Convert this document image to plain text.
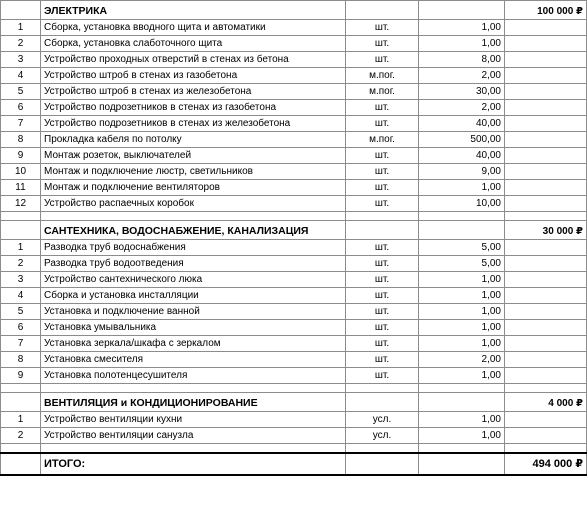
	ЭЛЕКТРИКА			100 000 ₽
1	Сборка, установка вводного щита и автоматики	шт.	1,00	
2	Сборка, установка слаботочного щита	шт.	1,00	
3	Устройство проходных отверстий в стенах из бетона	шт.	8,00	
4	Устройство штроб в стенах из газобетона	м.пог.	2,00	
5	Устройство штроб в стенах из железобетона	м.пог.	30,00	
6	Устройство подрозетников в стенах из газобетона	шт.	2,00	
7	Устройство подрозетников в стенах из железобетона	шт.	40,00	
8	Прокладка кабеля по потолку	м.пог.	500,00	
9	Монтаж розеток, выключателей	шт.	40,00	
10	Монтаж и подключение люстр, светильников	шт.	9,00	
11	Монтаж и подключение вентиляторов	шт.	1,00	
12	Устройство распаечных коробок	шт.	10,00	

	САНТЕХНИКА, ВОДОСНАБЖЕНИЕ, КАНАЛИЗАЦИЯ			30 000 ₽
1	Разводка труб водоснабжения	шт.	5,00	
2	Разводка труб водоотведения	шт.	5,00	
3	Устройство сантехнического люка	шт.	1,00	
4	Сборка и установка инсталляции	шт.	1,00	
5	Установка и подключение ванной	шт.	1,00	
6	Установка умывальника	шт.	1,00	
7	Установка зеркала/шкафа с зеркалом	шт.	1,00	
8	Установка смесителя	шт.	2,00	
9	Установка полотенцесушителя	шт.	1,00	

	ВЕНТИЛЯЦИЯ и КОНДИЦИОНИРОВАНИЕ			4 000 ₽
1	Устройство вентиляции кухни	усл.	1,00	
2	Устройство вентиляции санузла	усл.	1,00	

	ИТОГО:			494 000 ₽
